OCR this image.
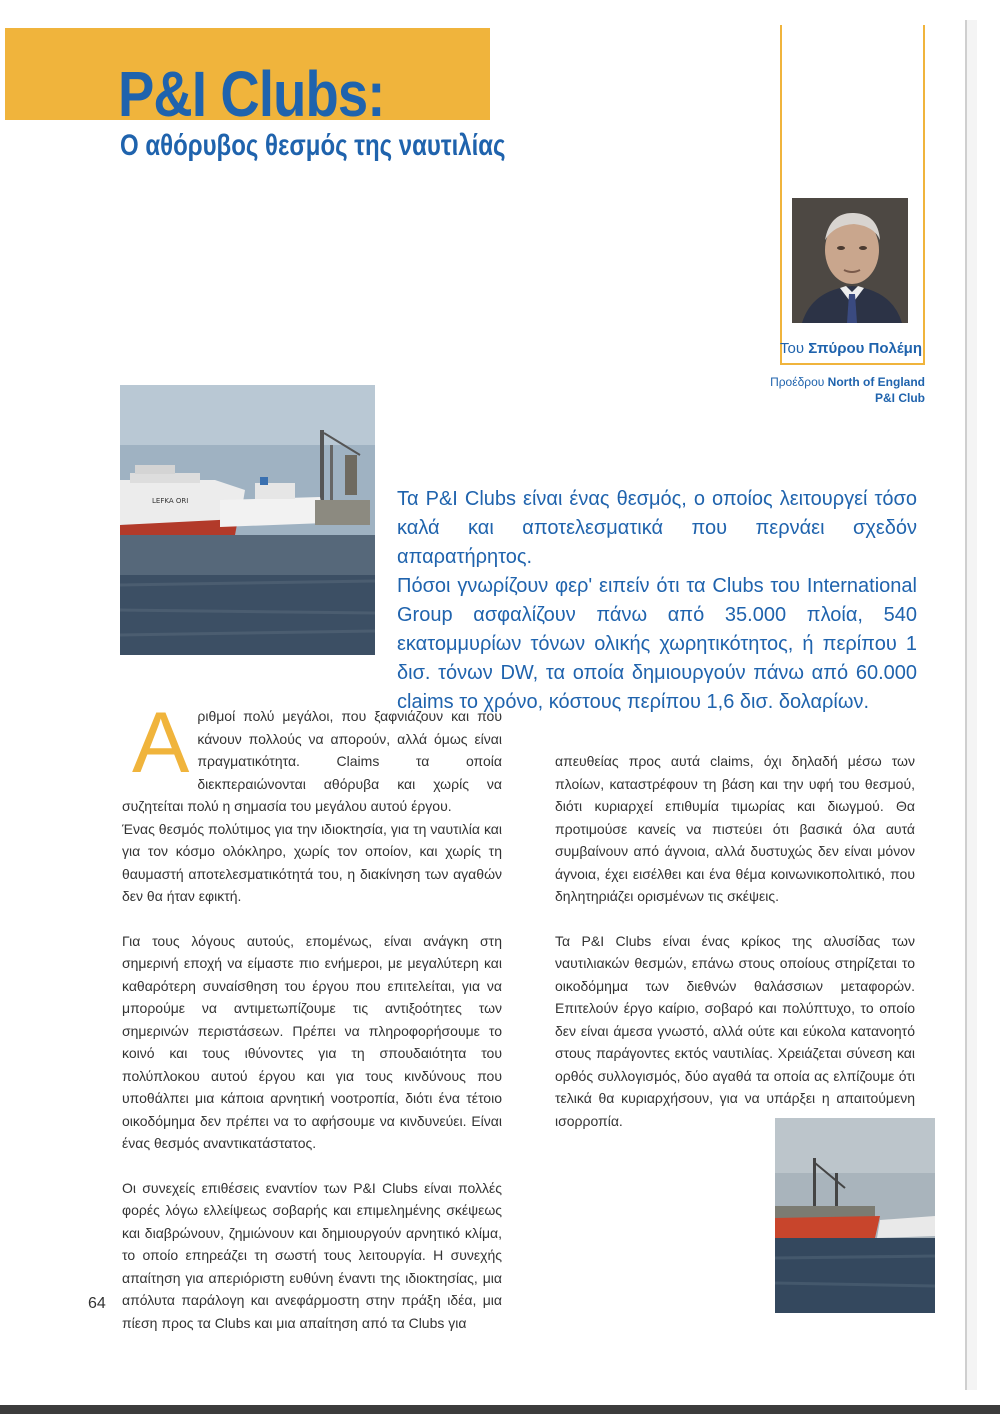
P&I Clubs:
Ο αθόρυβος θεσμός της ναυτιλίας
Του Σπύρου Πολέμη
Προέδρου North of England
P&I Club
LEFKA ORI	Τα P&I Clubs είναι ένας θεσμός, ο οποίος λειτουργεί τόσο καλά και αποτελεσματικά που περνάει σχεδόν απαρατήρητος.

Πόσοι γνωρίζουν φερ' ειπείν ότι τα Clubs του International Group ασφαλίζουν πάνω από 35.000 πλοία, 540 εκατομμυρίων τόνων ολικής χωρητικότητος, ή περίπου 1 δισ. τόνων DW, τα οποία δημιουργούν πάνω από 60.000 claims το χρόνο, κόστους περίπου 1,6 δισ. δολαρίων.

Α ριθμοί πολύ μεγάλοι, που ξαφνιάζουν και που κάνουν πολλούς να απορούν, αλλά όμως είναι πραγματικότητα. Claims τα οποία διεκπεραιώνονται αθόρυβα και χωρίς να συζητείται πολύ η σημασία του μεγάλου αυτού έργου.

Ένας θεσμός πολύτιμος για την ιδιοκτησία, για τη ναυτιλία και για τον κόσμο ολόκληρο, χωρίς τον οποίον, και χωρίς τη θαυμαστή αποτελεσματικότητά του, η διακίνηση των αγαθών δεν θα ήταν εφικτή.

Για τους λόγους αυτούς, επομένως, είναι ανάγκη στη σημερινή εποχή να είμαστε πιο ενήμεροι, με μεγαλύτερη και καθαρότερη συναίσθηση του έργου που επιτελείται, για να μπορούμε να αντιμετωπίζουμε τις αντιξοότητες των σημερινών περιστάσεων. Πρέπει να πληροφορήσουμε το κοινό και τους ιθύνοντες για τη σπουδαιότητα του πολύπλοκου αυτού έργου και για τους κινδύνους που υποθάλπει μια κάποια αρνητική νοοτροπία, διότι ένα τέτοιο οικοδόμημα δεν πρέπει να το αφήσουμε να κινδυνεύει. Είναι ένας θεσμός αναντικατάστατος.

Οι συνεχείς επιθέσεις εναντίον των P&I Clubs είναι πολλές φορές λόγω ελλείψεως σοβαρής και επιμελημένης σκέψεως και διαβρώνουν, ζημιώνουν και δημιουργούν αρνητικό κλίμα, το οποίο επηρεάζει τη σωστή τους λειτουργία. Η συνεχής απαίτηση για απεριόριστη ευθύνη έναντι της ιδιοκτησίας, μια απόλυτα παράλογη και ανεφάρμοστη στην πράξη ιδέα, μια πίεση προς τα Clubs και μια απαίτηση από τα Clubs για

απευθείας προς αυτά claims, όχι δηλαδή μέσω των πλοίων, καταστρέφουν τη βάση και την υφή του θεσμού, διότι κυριαρχεί επιθυμία τιμωρίας και διωγμού. Θα προτιμούσε κανείς να πιστεύει ότι βασικά όλα αυτά συμβαίνουν από άγνοια, αλλά δυστυχώς δεν είναι μόνον άγνοια, έχει εισέλθει και ένα θέμα κοινωνικοπολιτικό, που δηλητηριάζει ορισμένων τις σκέψεις.

Τα P&I Clubs είναι ένας κρίκος της αλυσίδας των ναυτιλιακών θεσμών, επάνω στους οποίους στηρίζεται το οικοδόμημα των διεθνών θαλάσσιων μεταφορών. Επιτελούν έργο καίριο, σοβαρό και πολύπτυχο, το οποίο δεν είναι άμεσα γνωστό, αλλά ούτε και εύκολα κατανοητό στους παράγοντες εκτός ναυτιλίας. Χρειάζεται σύνεση και ορθός συλλογισμός, δύο αγαθά τα οποία ας ελπίζουμε ότι τελικά θα κυριαρχήσουν, για να υπάρξει η απαιτούμενη ισορροπία.

64
